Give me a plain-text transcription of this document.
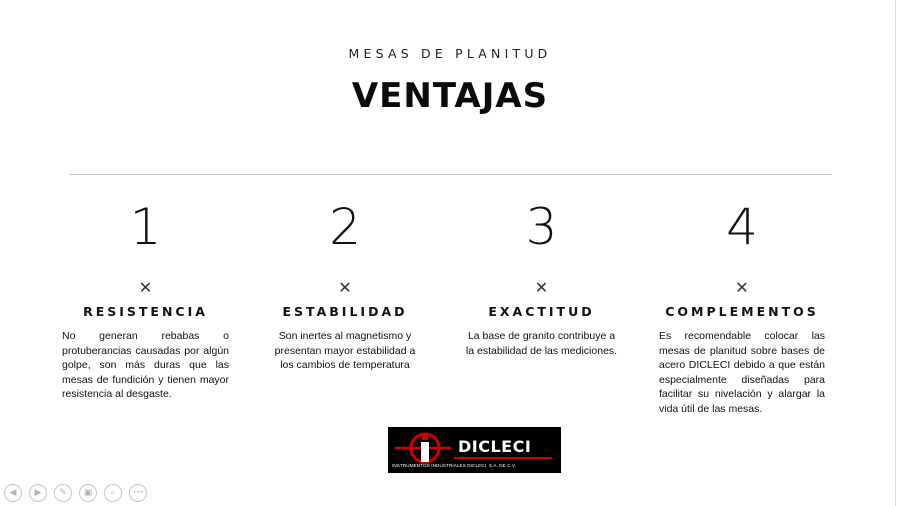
MESAS DE PLANITUD
VENTAJAS
1
✕
RESISTENCIA
No generan rebabas o protuberancias causadas por algún golpe, son más duras que las mesas de fundición y tienen mayor resistencia al desgaste.
2
✕
ESTABILIDAD
Son inertes al magnetismo y presentan mayor estabilidad a los cambios de temperatura
3
✕
EXACTITUD
La base de granito contribuye a la estabilidad de las mediciones.
4
✕
COMPLEMENTOS
Es recomendable colocar las mesas de planitud sobre bases de acero DICLECI debido a que están especialmente diseñadas para facilitar su nivelación y alargar la vida útil de las mesas.
DICLECI
INSTRUMENTOS INDUSTRIALES DICLECI, S.A. DE C.V.
◀	▶	✎	▣	⌕	•••
